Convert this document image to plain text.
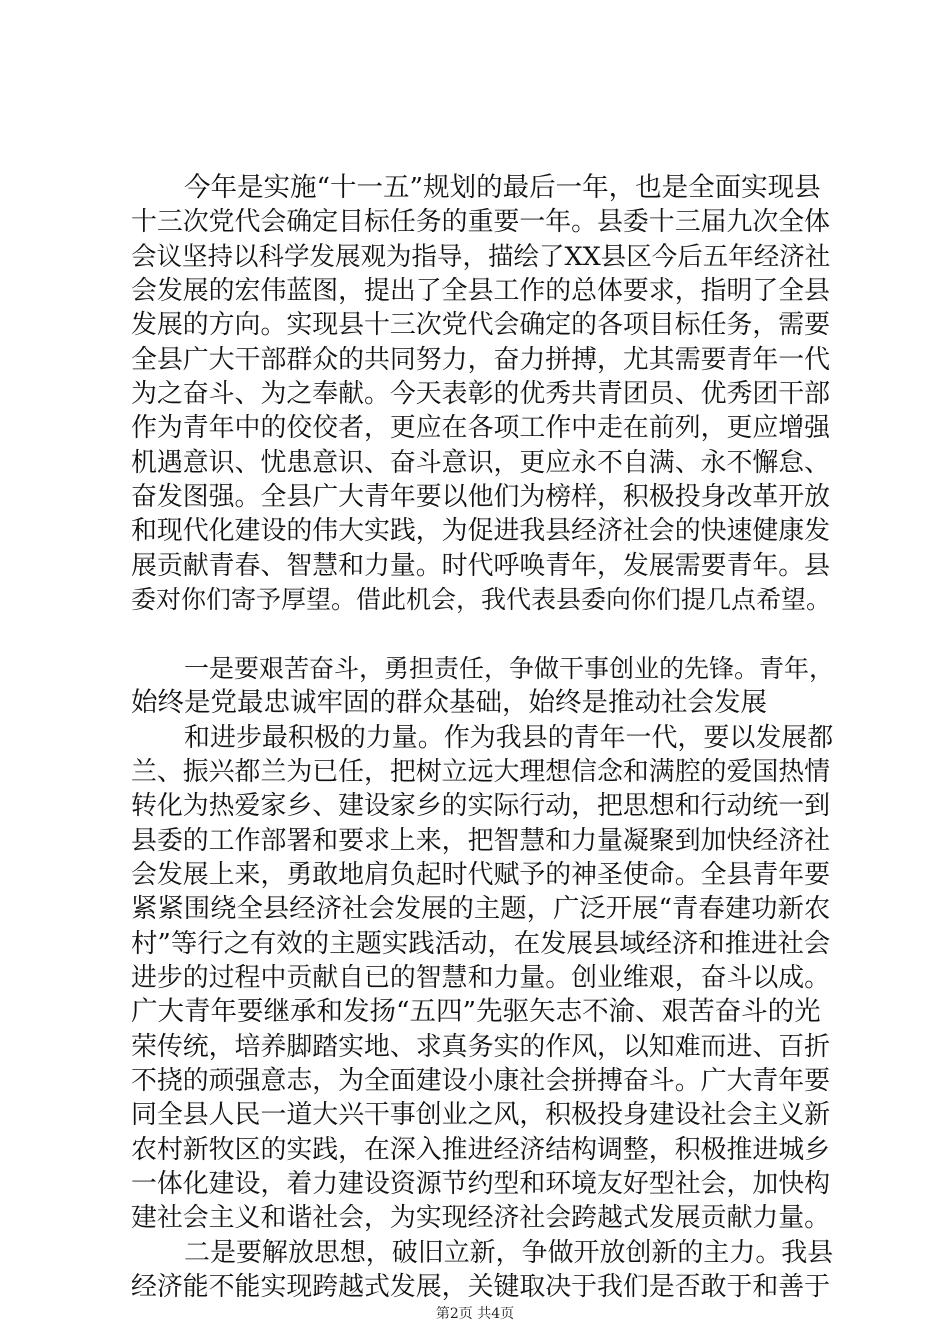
今年是实施“十一五”规划的最后一年，也是全面实现县
十三次党代会确定目标任务的重要一年。县委十三届九次全体
会议坚持以科学发展观为指导，描绘了XX县区今后五年经济社
会发展的宏伟蓝图，提出了全县工作的总体要求，指明了全县
发展的方向。实现县十三次党代会确定的各项目标任务，需要
全县广大干部群众的共同努力，奋力拼搏，尤其需要青年一代
为之奋斗、为之奉献。今天表彰的优秀共青团员、优秀团干部
作为青年中的佼佼者，更应在各项工作中走在前列，更应增强
机遇意识、忧患意识、奋斗意识，更应永不自满、永不懈怠、
奋发图强。全县广大青年要以他们为榜样，积极投身改革开放
和现代化建设的伟大实践，为促进我县经济社会的快速健康发
展贡献青春、智慧和力量。时代呼唤青年，发展需要青年。县
委对你们寄予厚望。借此机会，我代表县委向你们提几点希望。
一是要艰苦奋斗，勇担责任，争做干事创业的先锋。青年，
始终是党最忠诚牢固的群众基础，始终是推动社会发展
和进步最积极的力量。作为我县的青年一代，要以发展都
兰、振兴都兰为已任，把树立远大理想信念和满腔的爱国热情
转化为热爱家乡、建设家乡的实际行动，把思想和行动统一到
县委的工作部署和要求上来，把智慧和力量凝聚到加快经济社
会发展上来，勇敢地肩负起时代赋予的神圣使命。全县青年要
紧紧围绕全县经济社会发展的主题，广泛开展“青春建功新农
村”等行之有效的主题实践活动，在发展县域经济和推进社会
进步的过程中贡献自已的智慧和力量。创业维艰，奋斗以成。
广大青年要继承和发扬“五四”先驱矢志不渝、艰苦奋斗的光
荣传统，培养脚踏实地、求真务实的作风，以知难而进、百折
不挠的顽强意志，为全面建设小康社会拼搏奋斗。广大青年要
同全县人民一道大兴干事创业之风，积极投身建设社会主义新
农村新牧区的实践，在深入推进经济结构调整，积极推进城乡
一体化建设，着力建设资源节约型和环境友好型社会，加快构
建社会主义和谐社会，为实现经济社会跨越式发展贡献力量。
二是要解放思想，破旧立新，争做开放创新的主力。我县
经济能不能实现跨越式发展，关键取决于我们是否敢于和善于
第2页 共4页
